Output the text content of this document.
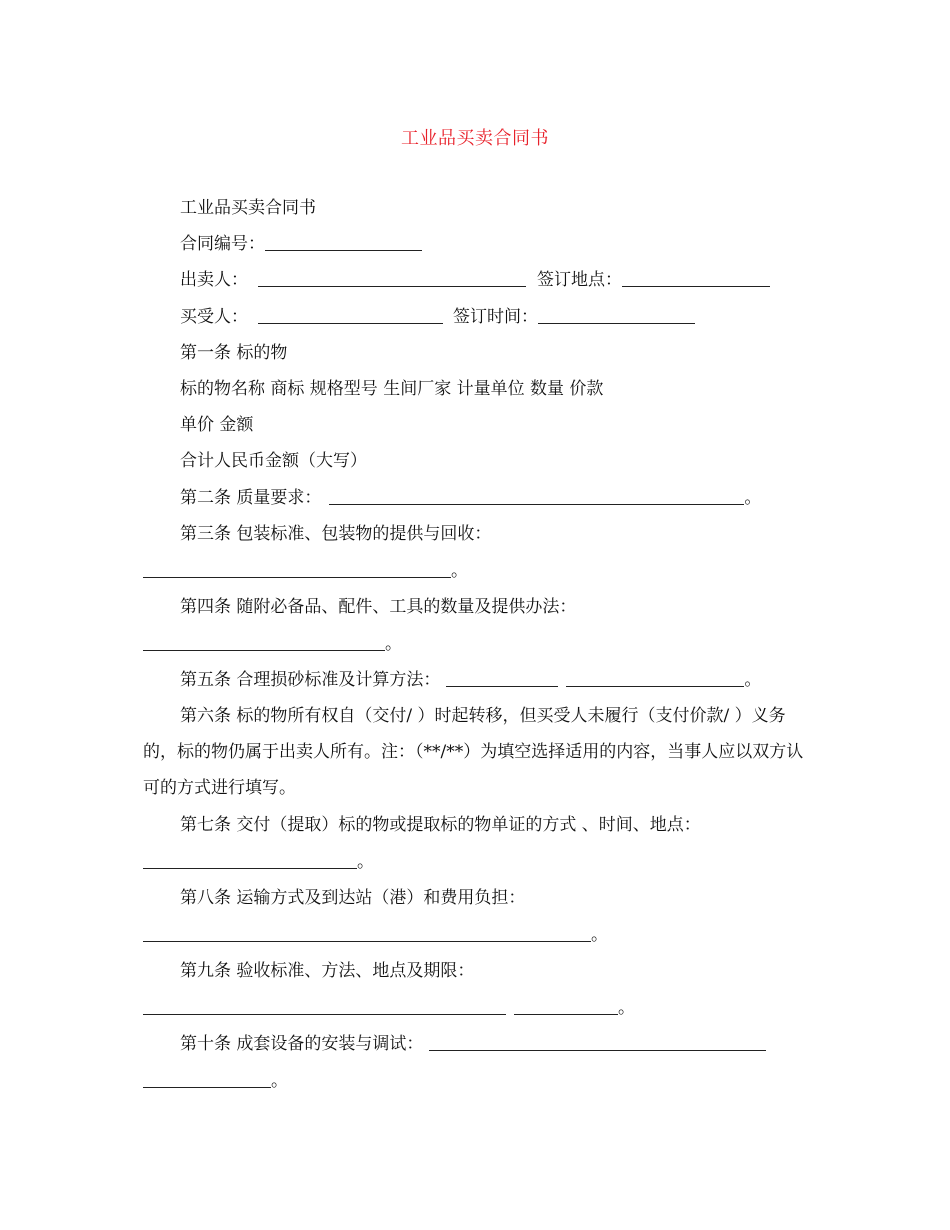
工业品买卖合同书
工业品买卖合同书
合同编号：
出卖人：	签订地点：
买受人：	签订时间：
第一条 标的物
标的物名称 商标 规格型号 生间厂家 计量单位 数量 价款
单价 金额
合计人民币金额（大写）
第二条 质量要求：	。
第三条 包装标准、包装物的提供与回收：
。
第四条 随附必备品、配件、工具的数量及提供办法：
。
第五条 合理损砂标准及计算方法：	。
第六条 标的物所有权自（交付/ ）时起转移，但买受人未履行（支付价款/ ）义务的，标的物仍属于出卖人所有。注：（**/**）为填空选择适用的内容，当事人应以双方认可的方式进行填写。
第七条 交付（提取）标的物或提取标的物单证的方式 、时间、地点：
。
第八条 运输方式及到达站（港）和费用负担：
。
第九条 验收标准、方法、地点及期限：
。
第十条 成套设备的安装与调试：
。
